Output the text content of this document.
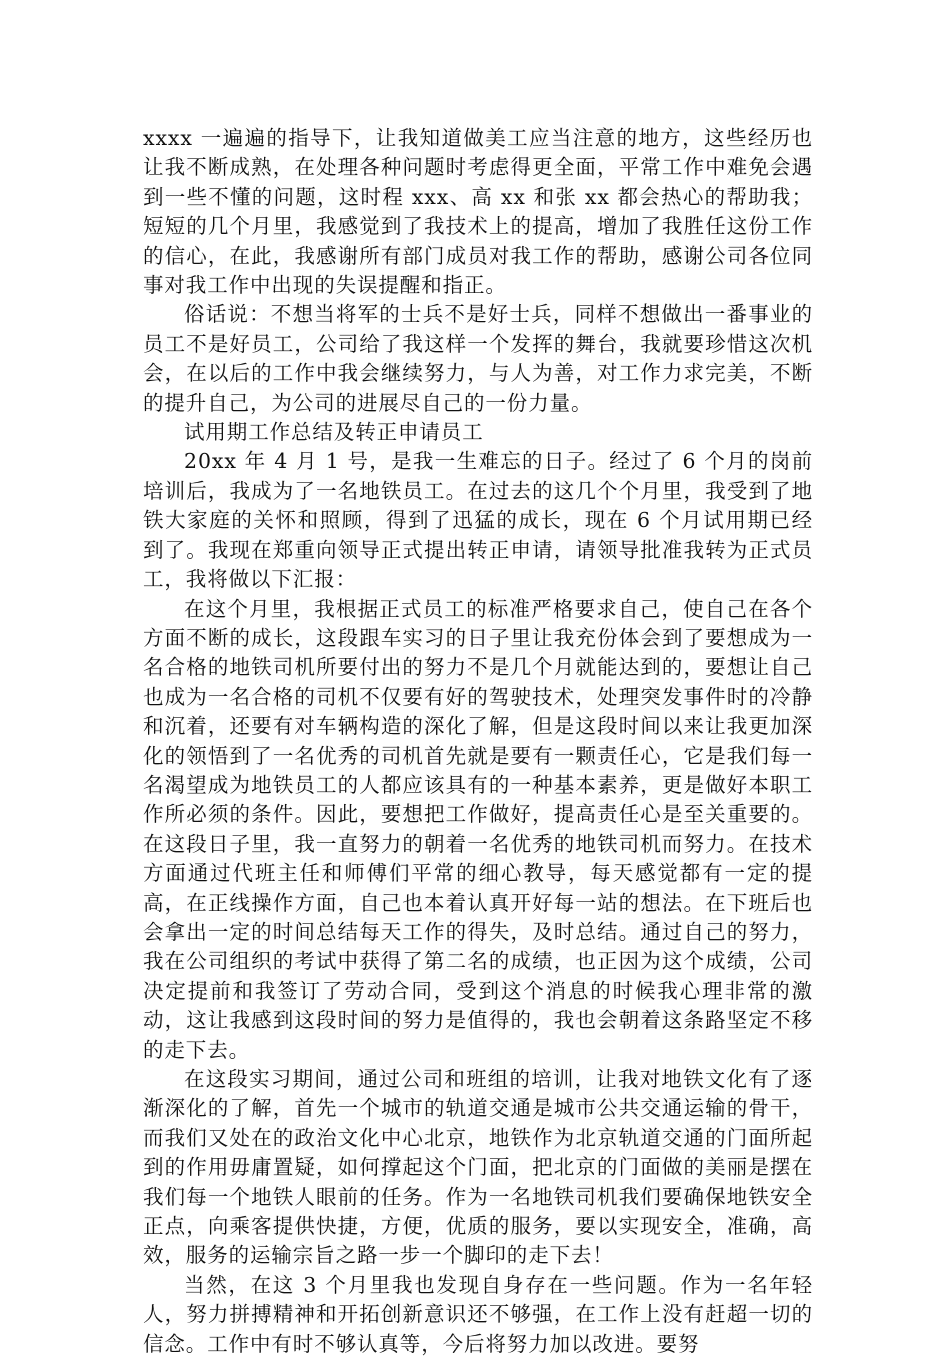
xxxx 一遍遍的指导下，让我知道做美工应当注意的地方，这些经历也让我不断成熟，在处理各种问题时考虑得更全面，平常工作中难免会遇到一些不懂的问题，这时程 xxx、高 xx 和张 xx 都会热心的帮助我；短短的几个月里，我感觉到了我技术上的提高，增加了我胜任这份工作的信心，在此，我感谢所有部门成员对我工作的帮助，感谢公司各位同事对我工作中出现的失误提醒和指正。

俗话说：不想当将军的士兵不是好士兵，同样不想做出一番事业的员工不是好员工，公司给了我这样一个发挥的舞台，我就要珍惜这次机会，在以后的工作中我会继续努力，与人为善，对工作力求完美，不断的提升自己，为公司的进展尽自己的一份力量。

试用期工作总结及转正申请员工

20xx 年 4 月 1 号，是我一生难忘的日子。经过了 6 个月的岗前培训后，我成为了一名地铁员工。在过去的这几个个月里，我受到了地铁大家庭的关怀和照顾，得到了迅猛的成长，现在 6 个月试用期已经到了。我现在郑重向领导正式提出转正申请，请领导批准我转为正式员工，我将做以下汇报：

在这个月里，我根据正式员工的标准严格要求自己，使自己在各个方面不断的成长，这段跟车实习的日子里让我充份体会到了要想成为一名合格的地铁司机所要付出的努力不是几个月就能达到的，要想让自己也成为一名合格的司机不仅要有好的驾驶技术，处理突发事件时的冷静和沉着，还要有对车辆构造的深化了解，但是这段时间以来让我更加深化的领悟到了一名优秀的司机首先就是要有一颗责任心，它是我们每一名渴望成为地铁员工的人都应该具有的一种基本素养，更是做好本职工作所必须的条件。因此，要想把工作做好，提高责任心是至关重要的。在这段日子里，我一直努力的朝着一名优秀的地铁司机而努力。在技术方面通过代班主任和师傅们平常的细心教导，每天感觉都有一定的提高，在正线操作方面，自己也本着认真开好每一站的想法。在下班后也会拿出一定的时间总结每天工作的得失，及时总结。通过自己的努力，我在公司组织的考试中获得了第二名的成绩，也正因为这个成绩，公司决定提前和我签订了劳动合同，受到这个消息的时候我心理非常的激动，这让我感到这段时间的努力是值得的，我也会朝着这条路坚定不移的走下去。

在这段实习期间，通过公司和班组的培训，让我对地铁文化有了逐渐深化的了解，首先一个城市的轨道交通是城市公共交通运输的骨干，而我们又处在的政治文化中心北京，地铁作为北京轨道交通的门面所起到的作用毋庸置疑，如何撑起这个门面，把北京的门面做的美丽是摆在我们每一个地铁人眼前的任务。作为一名地铁司机我们要确保地铁安全正点，向乘客提供快捷，方便，优质的服务，要以实现安全，准确，高效，服务的运输宗旨之路一步一个脚印的走下去！

当然，在这 3 个月里我也发现自身存在一些问题。作为一名年轻人，努力拼搏精神和开拓创新意识还不够强，在工作上没有赶超一切的信念。工作中有时不够认真等，今后将努力加以改进。要努
